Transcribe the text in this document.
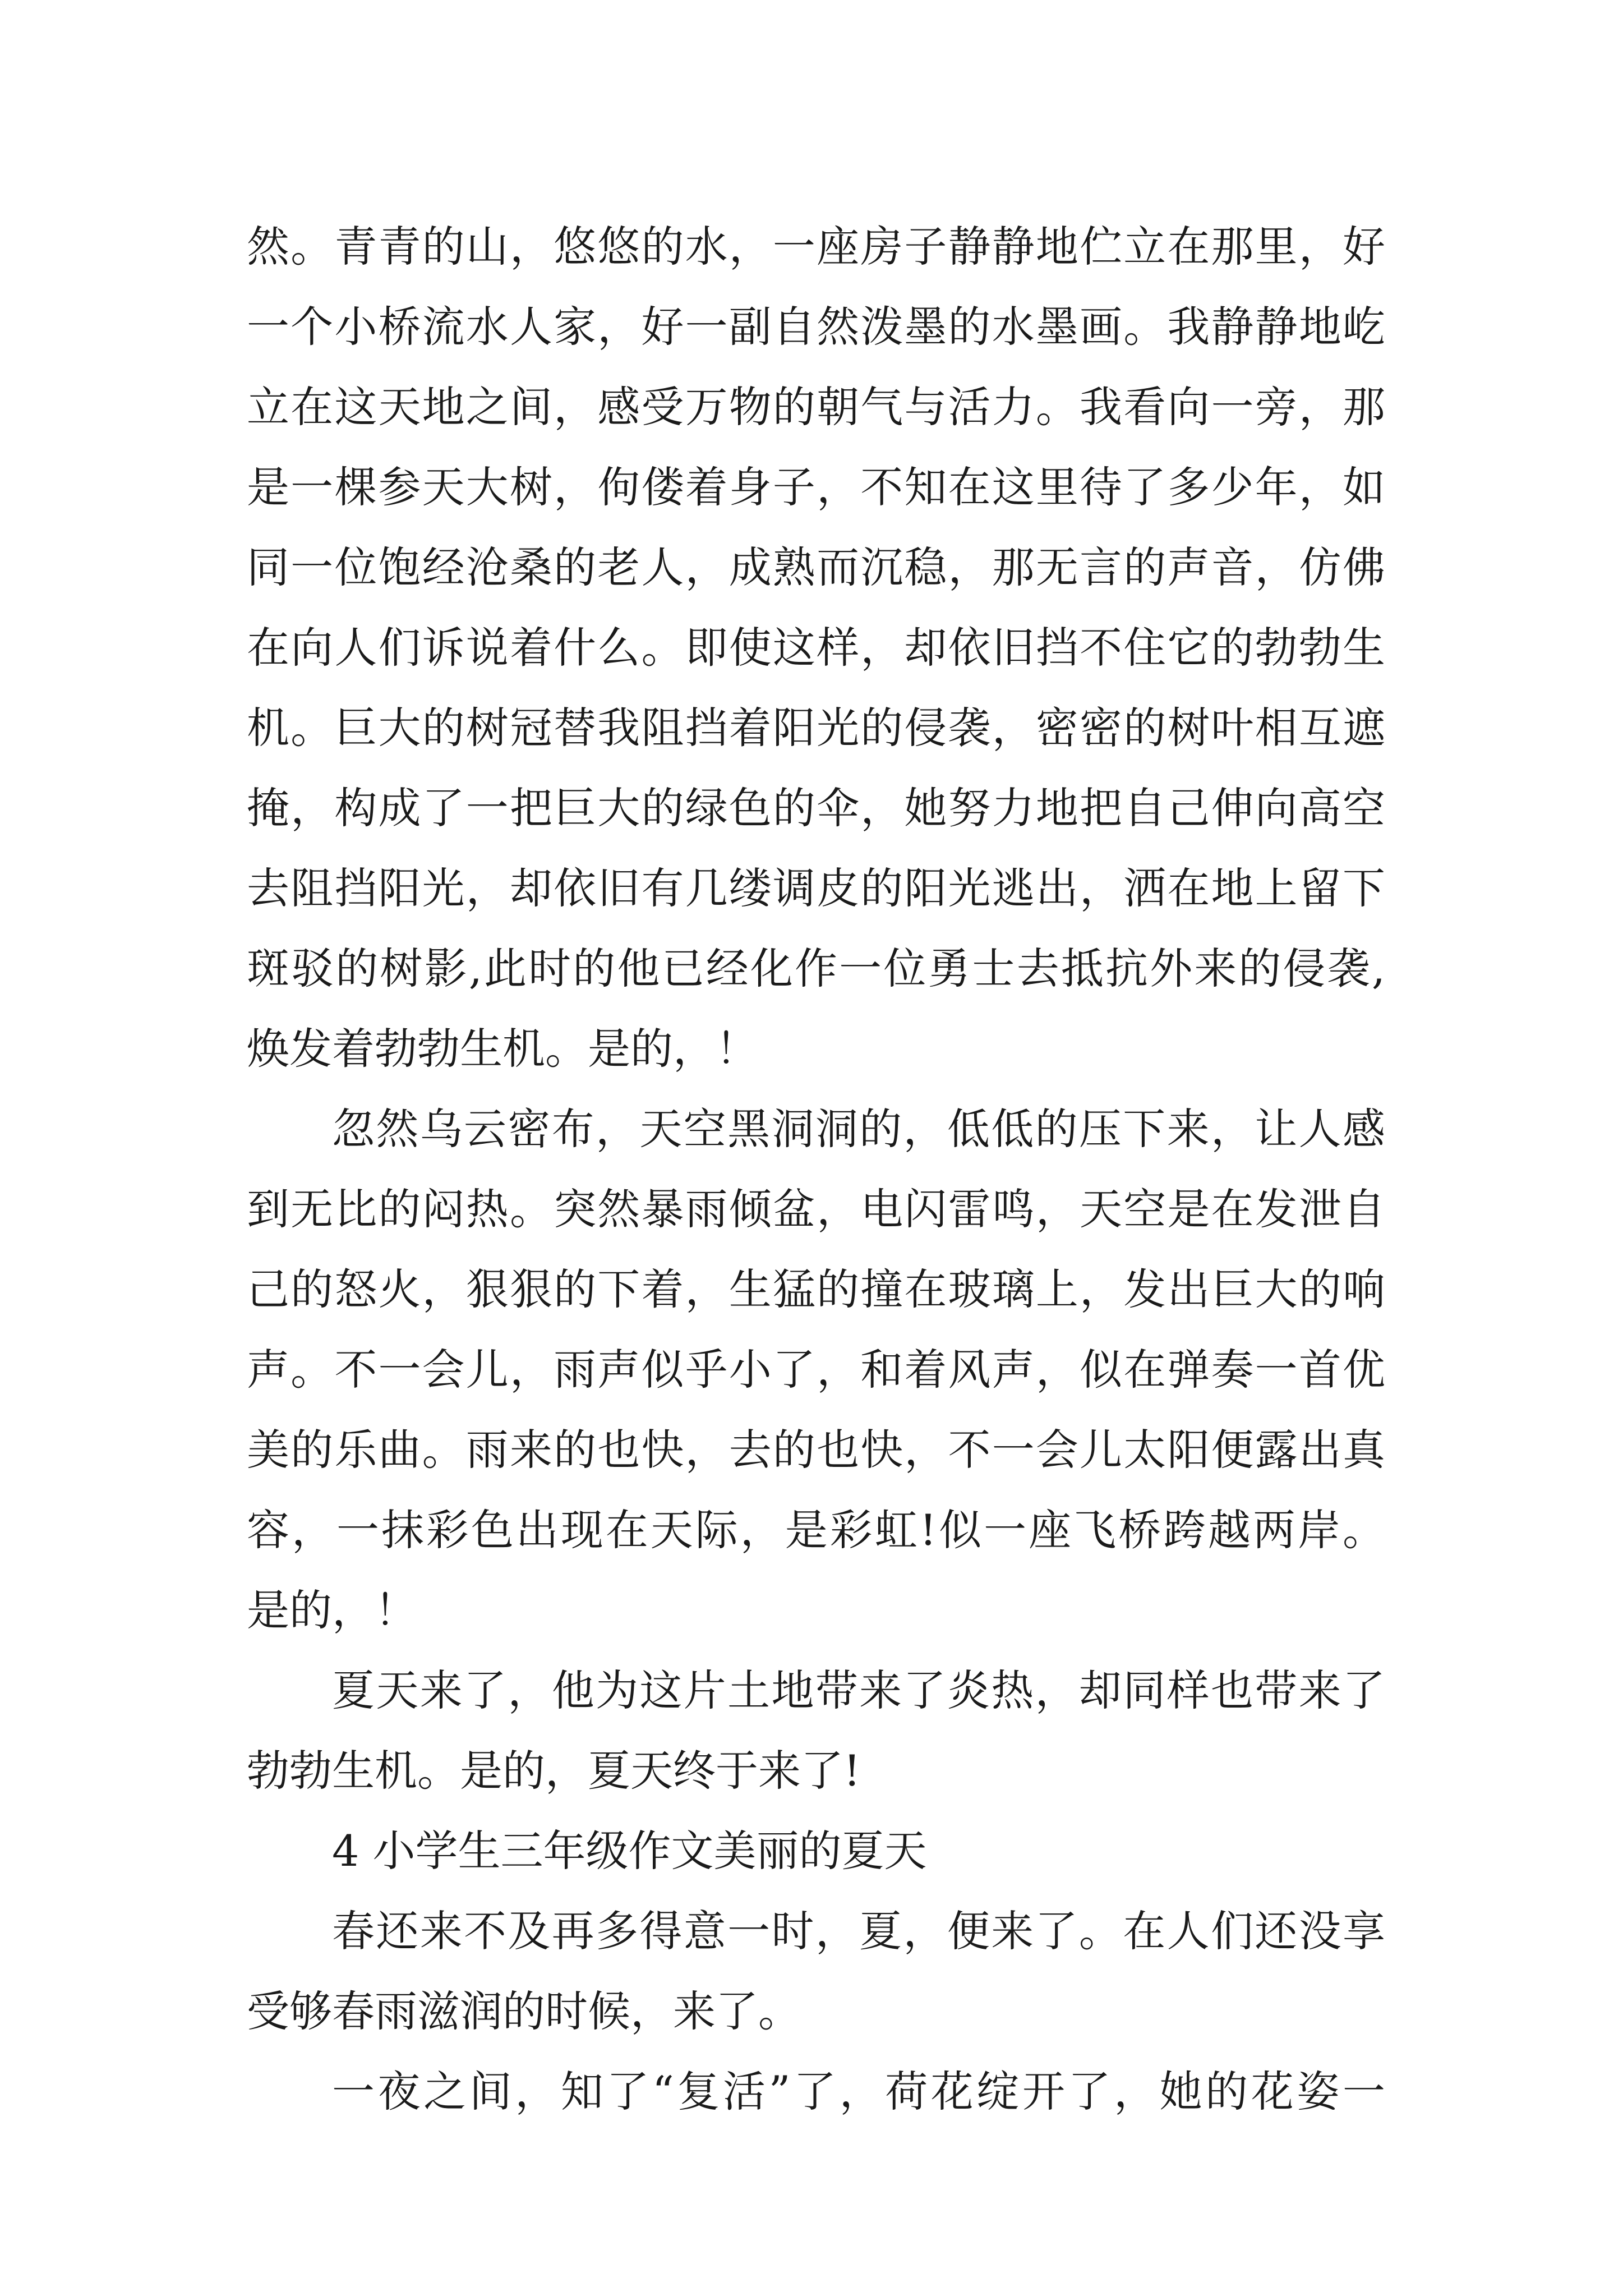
然。青青的山，悠悠的水，一座房子静静地伫立在那里，好
一个小桥流水人家，好一副自然泼墨的水墨画。我静静地屹
立在这天地之间，感受万物的朝气与活力。我看向一旁，那
是一棵参天大树，佝偻着身子，不知在这里待了多少年，如
同一位饱经沧桑的老人，成熟而沉稳，那无言的声音，仿佛
在向人们诉说着什么。即使这样，却依旧挡不住它的勃勃生
机。巨大的树冠替我阻挡着阳光的侵袭，密密的树叶相互遮
掩，构成了一把巨大的绿色的伞，她努力地把自己伸向高空
去阻挡阳光，却依旧有几缕调皮的阳光逃出，洒在地上留下
斑驳的树影,此时的他已经化作一位勇士去抵抗外来的侵袭,
焕发着勃勃生机。是的，！
忽然乌云密布，天空黑洞洞的，低低的压下来，让人感
到无比的闷热。突然暴雨倾盆，电闪雷鸣，天空是在发泄自
己的怒火，狠狠的下着，生猛的撞在玻璃上，发出巨大的响
声。不一会儿，雨声似乎小了，和着风声，似在弹奏一首优
美的乐曲。雨来的也快，去的也快，不一会儿太阳便露出真
容，一抹彩色出现在天际，是彩虹!似一座飞桥跨越两岸。
是的，！
夏天来了，他为这片土地带来了炎热，却同样也带来了
勃勃生机。是的，夏天终于来了!
4 小学生三年级作文美丽的夏天
春还来不及再多得意一时，夏，便来了。在人们还没享
受够春雨滋润的时候，来了。
一夜之间，知了“复活”了，荷花绽开了，她的花姿一
